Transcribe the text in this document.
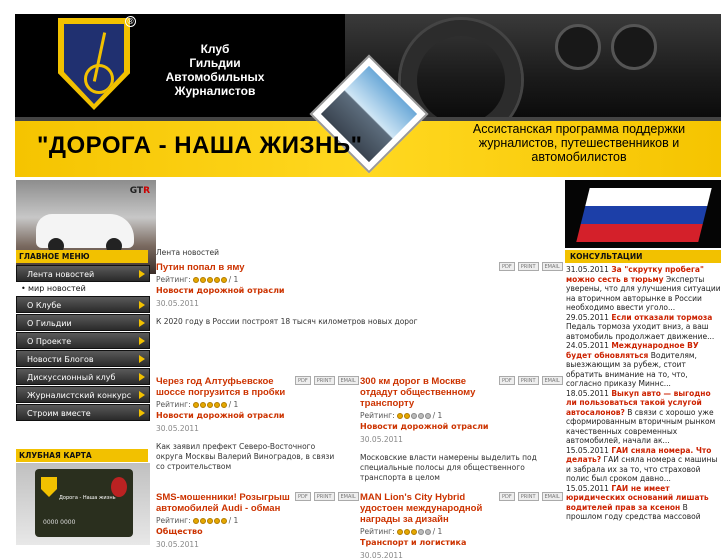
®
Клуб
Гильдии
Автомобильных
Журналистов
"ДОРОГА - НАША ЖИЗНЬ"
Ассистанская программа поддержки журналистов, путешественников и автомобилистов
GTR
ГЛАВНОЕ МЕНЮ
Лента новостей
• мир новостей
О Клубе
О Гильдии
О Проекте
Новости Блогов
Дискуссионный клуб
Журналистский конкурс
Строим вместе
КЛУБНАЯ КАРТА
Дорога - Наша жизнь
0000 0000
Лента новостей
PDF	PRINT	EMAIL
Путин попал в яму
Рейтинг:	/ 1
Новости дорожной отрасли
30.05.2011
К 2020 году в России построят 18 тысяч километров новых дорог
PDF	PRINT	EMAIL
Через год Алтуфьевское шоссе погрузится в пробки
Рейтинг:	/ 1
Новости дорожной отрасли
30.05.2011
Как заявил префект Северо-Восточного округа Москвы Валерий Виноградов, в связи со строительством
PDF	PRINT	EMAIL
300 км дорог в Москве отдадут общественному транспорту
Рейтинг:	/ 1
Новости дорожной отрасли
30.05.2011
Московские власти намерены выделить под специальные полосы для общественного транспорта в целом
PDF	PRINT	EMAIL
SMS-мошенники! Розыгрыш автомобилей Audi - обман
Рейтинг:	/ 1
Общество
30.05.2011
PDF	PRINT	EMAIL
MAN Lion's City Hybrid удостоен международной награды за дизайн
Рейтинг:	/ 1
Транспорт и логистика
30.05.2011
КОНСУЛЬТАЦИИ
31.05.2011 За "скрутку пробега" можно сесть в тюрьму Эксперты уверены, что для улучшения ситуации на вторичном авторынке в России необходимо ввести уголо...
29.05.2011 Если отказали тормоза Педаль тормоза уходит вниз, а ваш автомобиль продолжает движение...
24.05.2011 Международное ВУ будет обновляться Водителям, выезжающим за рубеж, стоит обратить внимание на то, что, согласно приказу Миннс...
18.05.2011 Выкуп авто — выгодно ли пользоваться такой услугой автосалонов? В связи с хорошо уже сформированным вторичным рынком качественных современных автомобилей, начали ак...
15.05.2011 ГАИ сняла номера. Что делать? ГАИ сняла номера с машины и забрала их за то, что страховой полис был сроком давно...
15.05.2011 ГАИ не имеет юридических оснований лишать водителей прав за ксенон В прошлом году средства массовой
